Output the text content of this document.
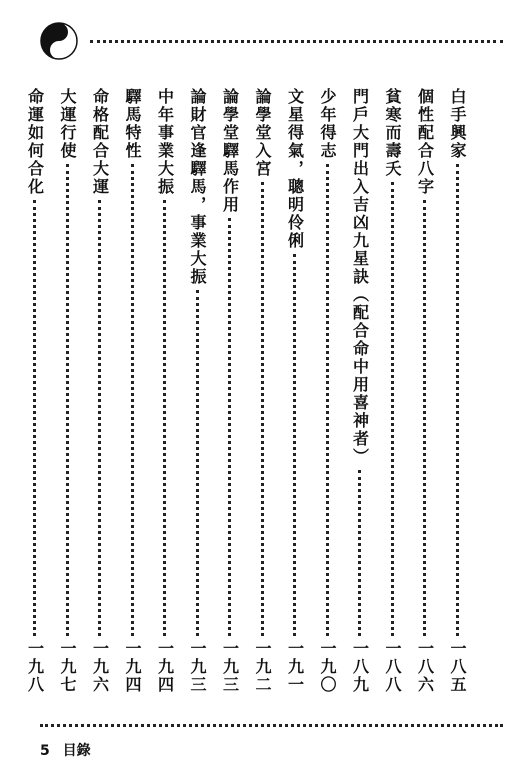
白手興家
一八五
個性配合八字
一八六
貧寒而壽夭
一八八
門戶大門出入吉凶九星訣（配合命中用喜神者）
一八九
少年得志
一九〇
文星得氣，聰明伶俐
一九一
論學堂入宮
一九二
論學堂驛馬作用
一九三
論財官逢驛馬，事業大振
一九三
中年事業大振
一九四
驛馬特性
一九四
命格配合大運
一九六
大運行使
一九七
命運如何合化
一九八
5 目錄
